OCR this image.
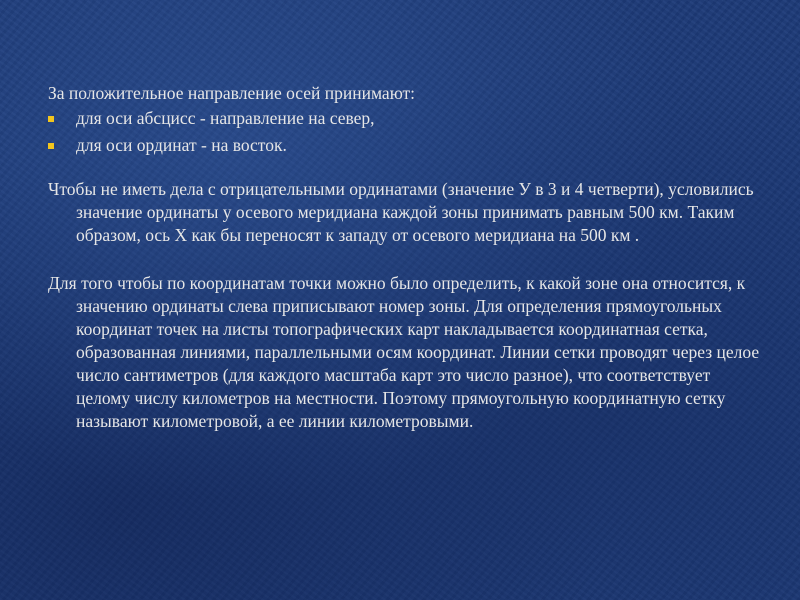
За положительное направление осей принимают:

для оси абсцисс - направление на север,
для оси ординат - на восток.

Чтобы не иметь дела с отрицательными ординатами (значение У в 3 и 4 четверти), условились значение ординаты у осевого меридиана каждой зоны принимать равным 500 км. Таким образом, ось Х как бы переносят к западу от осевого меридиана на 500 км .

Для того чтобы по координатам точки можно было определить, к какой зоне она относится, к значению ординаты слева приписывают номер зоны. Для определения прямоугольных координат точек на листы топографических карт накладывается координатная сетка, образованная линиями, параллельными осям координат. Линии сетки проводят через целое число сантиметров (для каждого масштаба карт это число разное), что соответствует целому числу километров на местности. Поэтому прямоугольную координатную сетку называют километровой, а ее линии километровыми.
